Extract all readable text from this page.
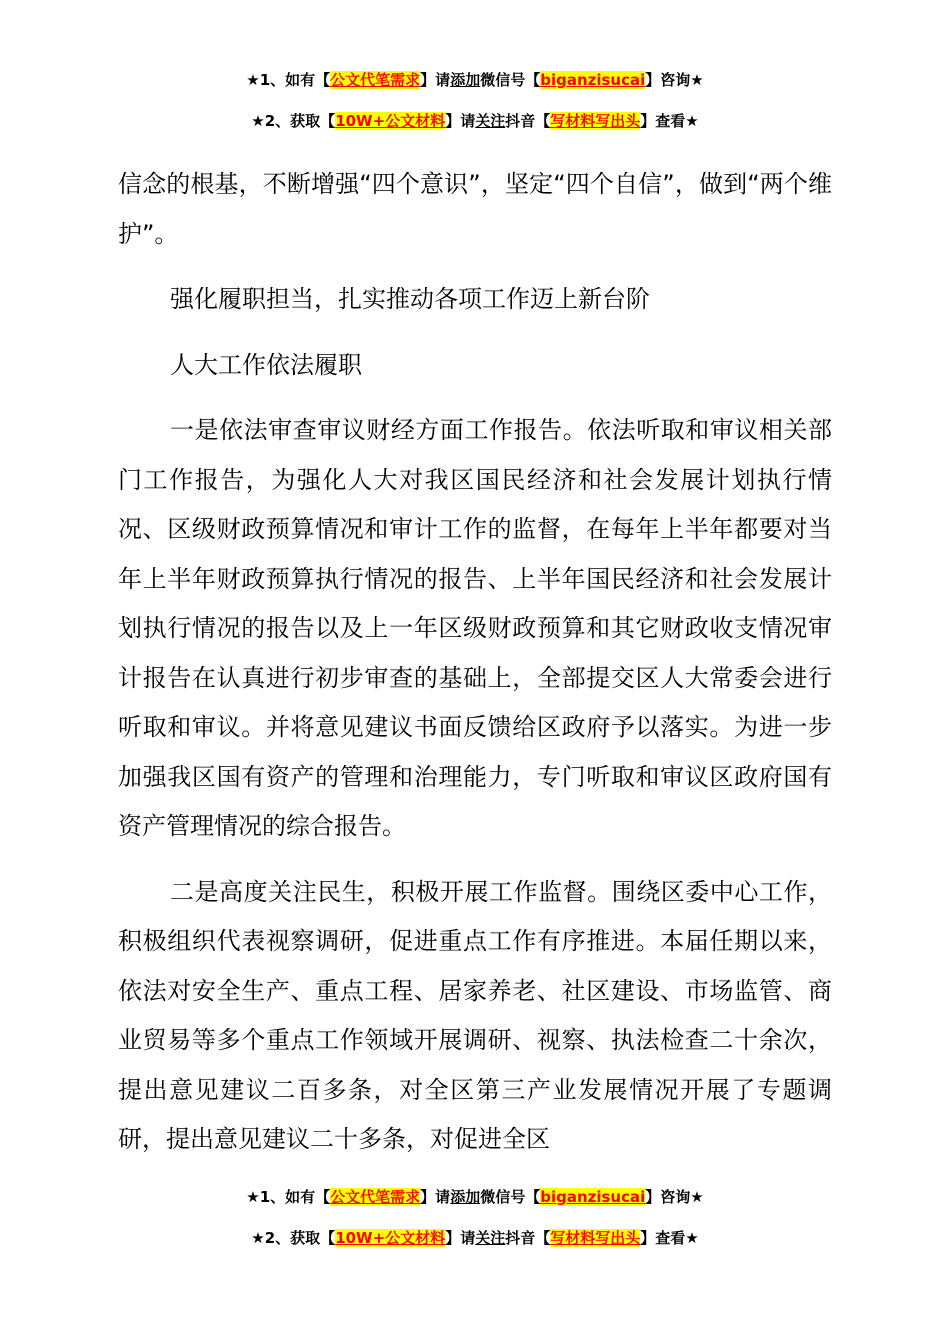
★1、如有【公文代笔需求】请添加微信号【biganzisucai】咨询★
★2、获取【10W+公文材料】请关注抖音【写材料写出头】查看★

信念的根基，不断增强“四个意识”，坚定“四个自信”，做到“两个维护”。

强化履职担当，扎实推动各项工作迈上新台阶

人大工作依法履职

一是依法审查审议财经方面工作报告。依法听取和审议相关部门工作报告，为强化人大对我区国民经济和社会发展计划执行情况、区级财政预算情况和审计工作的监督，在每年上半年都要对当年上半年财政预算执行情况的报告、上半年国民经济和社会发展计划执行情况的报告以及上一年区级财政预算和其它财政收支情况审计报告在认真进行初步审查的基础上，全部提交区人大常委会进行听取和审议。并将意见建议书面反馈给区政府予以落实。为进一步加强我区国有资产的管理和治理能力，专门听取和审议区政府国有资产管理情况的综合报告。

二是高度关注民生，积极开展工作监督。围绕区委中心工作，积极组织代表视察调研，促进重点工作有序推进。本届任期以来，依法对安全生产、重点工程、居家养老、社区建设、市场监管、商业贸易等多个重点工作领域开展调研、视察、执法检查二十余次，提出意见建议二百多条，对全区第三产业发展情况开展了专题调研，提出意见建议二十多条，对促进全区

★1、如有【公文代笔需求】请添加微信号【biganzisucai】咨询★
★2、获取【10W+公文材料】请关注抖音【写材料写出头】查看★
